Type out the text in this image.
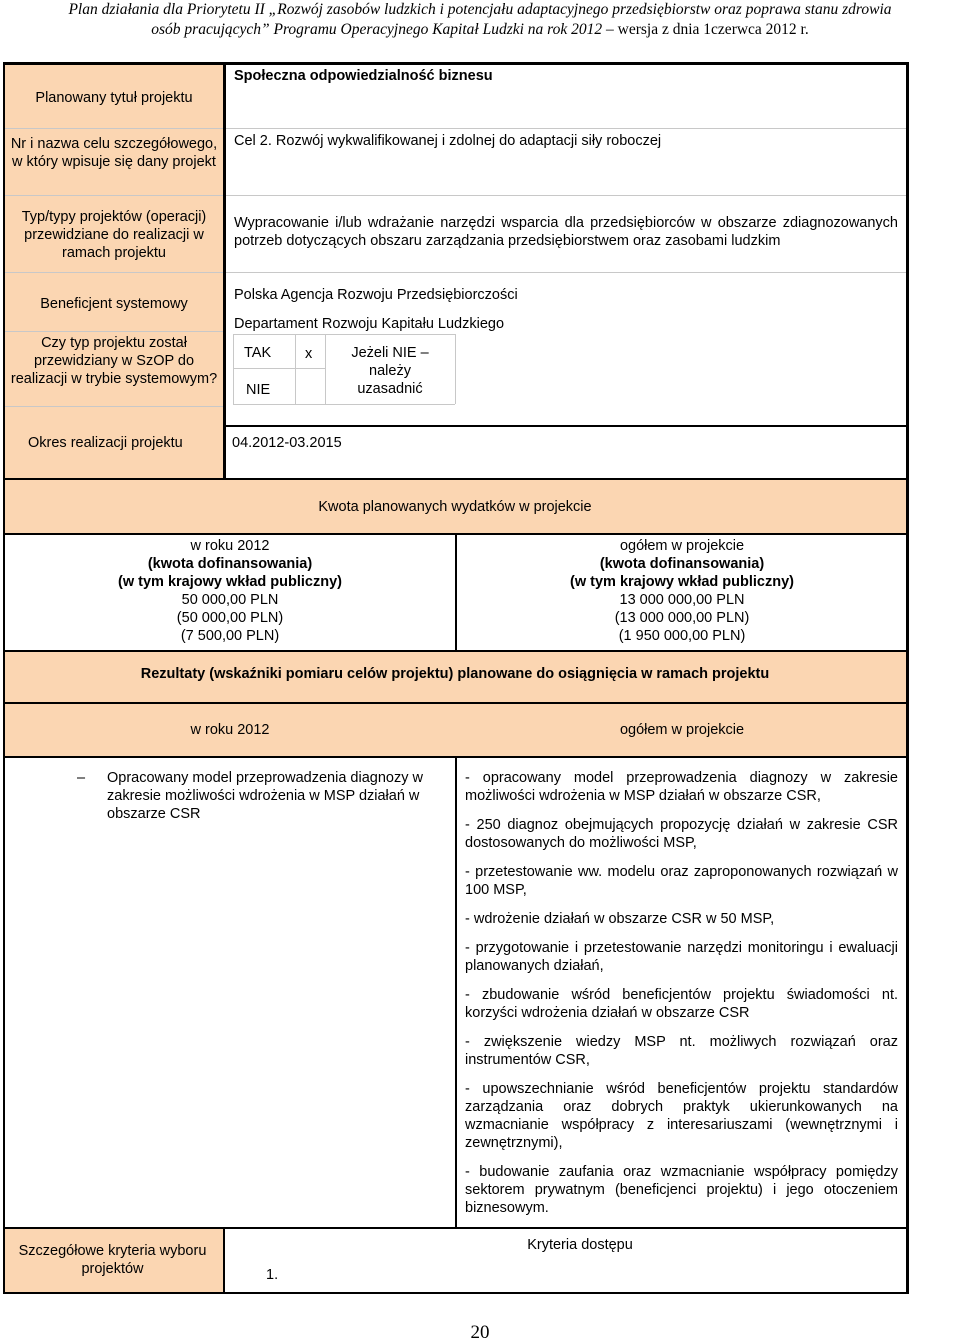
Plan działania dla Priorytetu II „Rozwój zasobów ludzkich i potencjału adaptacyjnego przedsiębiorstw oraz poprawa stanu zdrowia
osób pracujących” Programu Operacyjnego Kapitał Ludzki na rok 2012 – wersja z dnia 1czerwca 2012 r.
Planowany tytuł projektu
Nr i nazwa celu szczegółowego, w który wpisuje się dany projekt
Typ/typy projektów (operacji) przewidziane do realizacji w ramach projektu
Beneficjent systemowy
Czy typ projektu został przewidziany w SzOP do realizacji w trybie systemowym?
Okres realizacji projektu
Społeczna odpowiedzialność biznesu
Cel 2. Rozwój wykwalifikowanej i zdolnej do adaptacji siły roboczej
Wypracowanie i/lub wdrażanie narzędzi wsparcia dla przedsiębiorców w obszarze zdiagnozowanych potrzeb dotyczących obszaru zarządzania przedsiębiorstwem oraz zasobami ludzkim
Polska Agencja Rozwoju Przedsiębiorczości
Departament Rozwoju Kapitału Ludzkiego
TAK x
NIE
Jeżeli NIE – należy uzasadnić
04.2012-03.2015
Kwota planowanych wydatków w projekcie

w roku 2012

(kwota dofinansowania)

(w tym krajowy wkład publiczny)

50 000,00 PLN

(50 000,00 PLN)

(7 500,00 PLN)

ogółem w projekcie

(kwota dofinansowania)

(w tym krajowy wkład publiczny)

13 000 000,00 PLN

(13 000 000,00 PLN)

(1 950 000,00 PLN)

Rezultaty (wskaźniki pomiaru celów projektu) planowane do osiągnięcia w ramach projektu
w roku 2012	ogółem w projekcie
– Opracowany model przeprowadzenia diagnozy w zakresie możliwości wdrożenia w MSP działań w obszarze CSR

- opracowany model przeprowadzenia diagnozy w zakresie możliwości wdrożenia w MSP działań w obszarze CSR,

- 250 diagnoz obejmujących propozycję działań w zakresie CSR dostosowanych do możliwości MSP,

- przetestowanie ww. modelu oraz zaproponowanych rozwiązań w 100 MSP,

- wdrożenie działań w obszarze CSR w 50 MSP,

- przygotowanie i przetestowanie narzędzi monitoringu i ewaluacji planowanych działań,

- zbudowanie wśród beneficjentów projektu świadomości nt. korzyści wdrożenia działań w obszarze CSR

- zwiększenie wiedzy MSP nt. możliwych rozwiązań oraz instrumentów CSR,

- upowszechnianie wśród beneficjentów projektu standardów zarządzania oraz dobrych praktyk ukierunkowanych na wzmacnianie współpracy z interesariuszami (wewnętrznymi i zewnętrznymi),

- budowanie zaufania oraz wzmacnianie współpracy pomiędzy sektorem prywatnym (beneficjenci projektu) i jego otoczeniem biznesowym.

Szczegółowe kryteria wyboru projektów	1.
Kryteria dostępu
20
